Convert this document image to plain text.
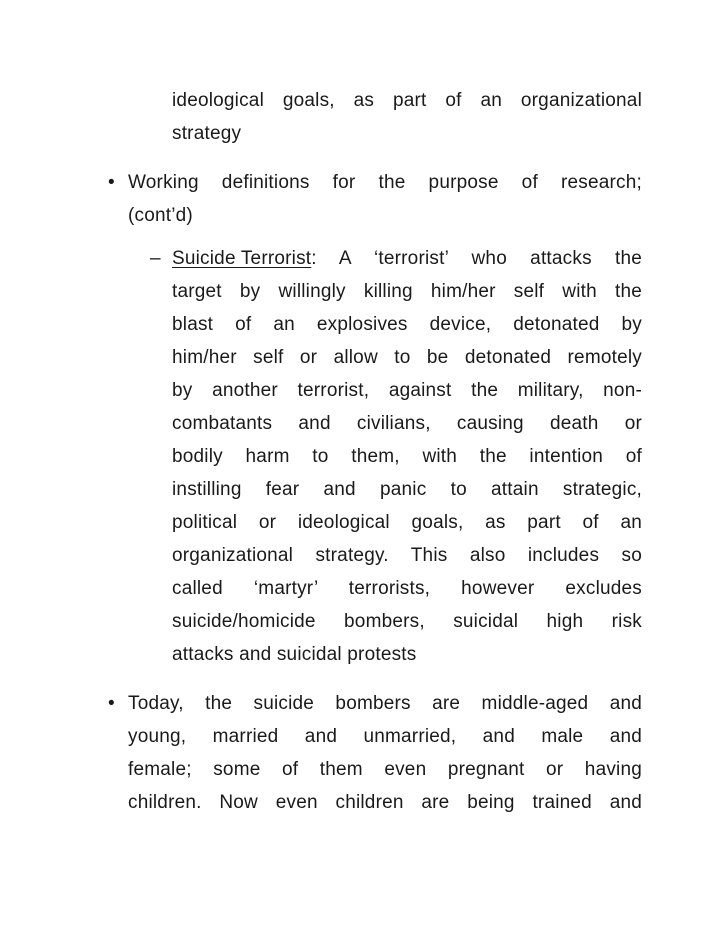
ideological goals, as part of an organizational
strategy
• Working definitions for the purpose of research;
(cont’d)
– Suicide Terrorist: A ‘terrorist’ who attacks the
target by willingly killing him/her self with the
blast of an explosives device, detonated by
him/her self or allow to be detonated remotely
by another terrorist, against the military, non-
combatants and civilians, causing death or
bodily harm to them, with the intention of
instilling fear and panic to attain strategic,
political or ideological goals, as part of an
organizational strategy. This also includes so
called ‘martyr’ terrorists, however excludes
suicide/homicide bombers, suicidal high risk
attacks and suicidal protests
• Today, the suicide bombers are middle-aged and
young, married and unmarried, and male and
female; some of them even pregnant or having
children. Now even children are being trained and
